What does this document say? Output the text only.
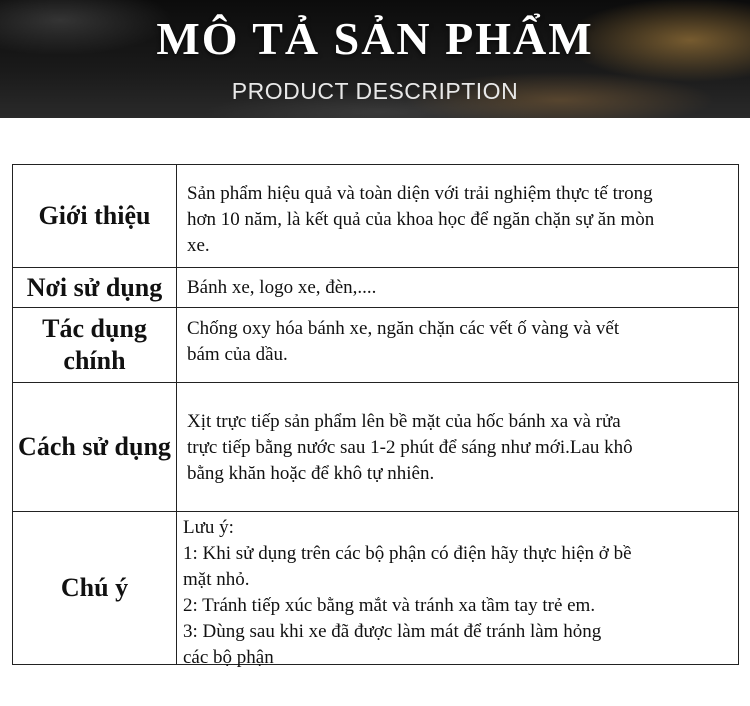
MÔ TẢ SẢN PHẨM
PRODUCT DESCRIPTION
Giới thiệu
Sản phẩm hiệu quả và toàn diện với trải nghiệm thực tế trong
hơn 10 năm, là kết quả của khoa học để ngăn chặn sự ăn mòn
xe.
Nơi sử dụng	Bánh xe, logo xe, đèn,....
Tác dụng chính
Chống oxy hóa bánh xe, ngăn chặn các vết ố vàng và vết
bám của dầu.
Cách sử dụng
Xịt trực tiếp sản phẩm lên bề mặt của hốc bánh xa và rửa
trực tiếp bằng nước sau 1-2 phút để sáng như mới.Lau khô
bằng khăn hoặc để khô tự nhiên.
Chú ý
Lưu ý:
1: Khi sử dụng trên các bộ phận có điện hãy thực hiện ở bề
mặt nhỏ.
2: Tránh tiếp xúc bằng mắt và tránh xa tầm tay trẻ em.
3: Dùng sau khi xe đã được làm mát để tránh làm hỏng
các bộ phận
